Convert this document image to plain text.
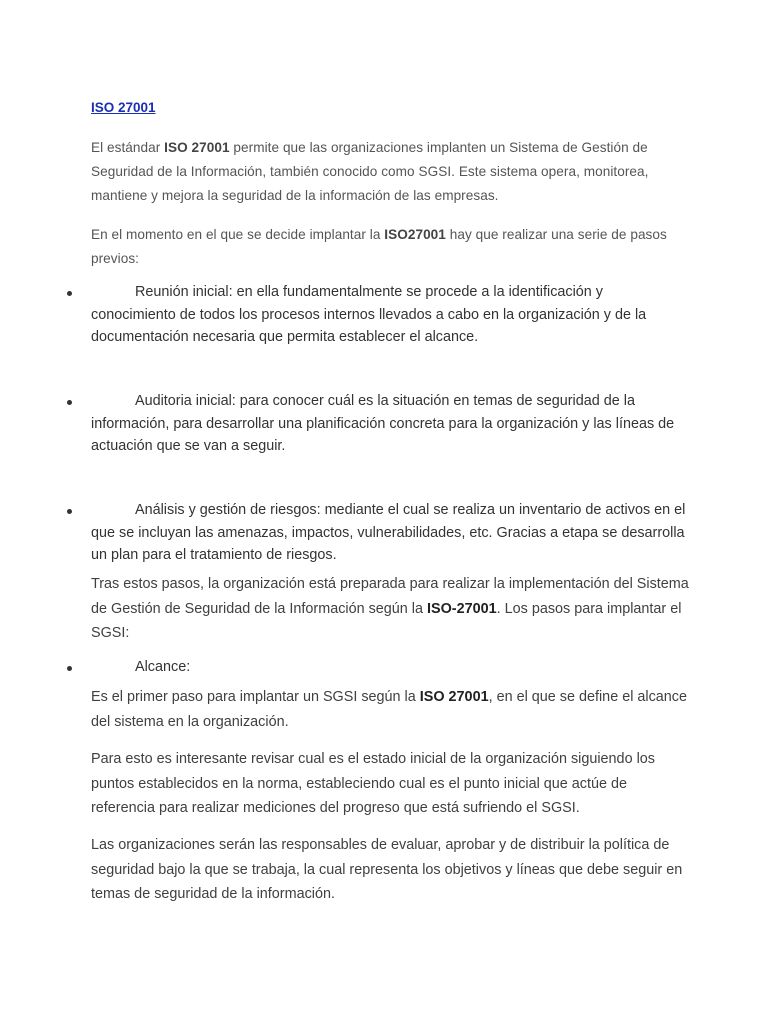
ISO 27001

El estándar ISO 27001 permite que las organizaciones implanten un Sistema de Gestión de Seguridad de la Información, también conocido como SGSI. Este sistema opera, monitorea, mantiene y mejora la seguridad de la información de las empresas.

En el momento en el que se decide implantar la ISO27001 hay que realizar una serie de pasos previos:

Reunión inicial: en ella fundamentalmente se procede a la identificación y conocimiento de todos los procesos internos llevados a cabo en la organización y de la documentación necesaria que permita establecer el alcance.

Auditoria inicial: para conocer cuál es la situación en temas de seguridad de la información, para desarrollar una planificación concreta para la organización y las líneas de actuación que se van a seguir.

Análisis y gestión de riesgos: mediante el cual se realiza un inventario de activos en el que se incluyan las amenazas, impactos, vulnerabilidades, etc. Gracias a etapa se desarrolla un plan para el tratamiento de riesgos.

Tras estos pasos, la organización está preparada para realizar la implementación del Sistema de Gestión de Seguridad de la Información según la ISO-27001. Los pasos para implantar el SGSI:

Alcance:

Es el primer paso para implantar un SGSI según la ISO 27001, en el que se define el alcance del sistema en la organización.

Para esto es interesante revisar cual es el estado inicial de la organización siguiendo los puntos establecidos en la norma, estableciendo cual es el punto inicial que actúe de referencia para realizar mediciones del progreso que está sufriendo el SGSI.

Las organizaciones serán las responsables de evaluar, aprobar y de distribuir la política de seguridad bajo la que se trabaja, la cual representa los objetivos y líneas que debe seguir en temas de seguridad de la información.
